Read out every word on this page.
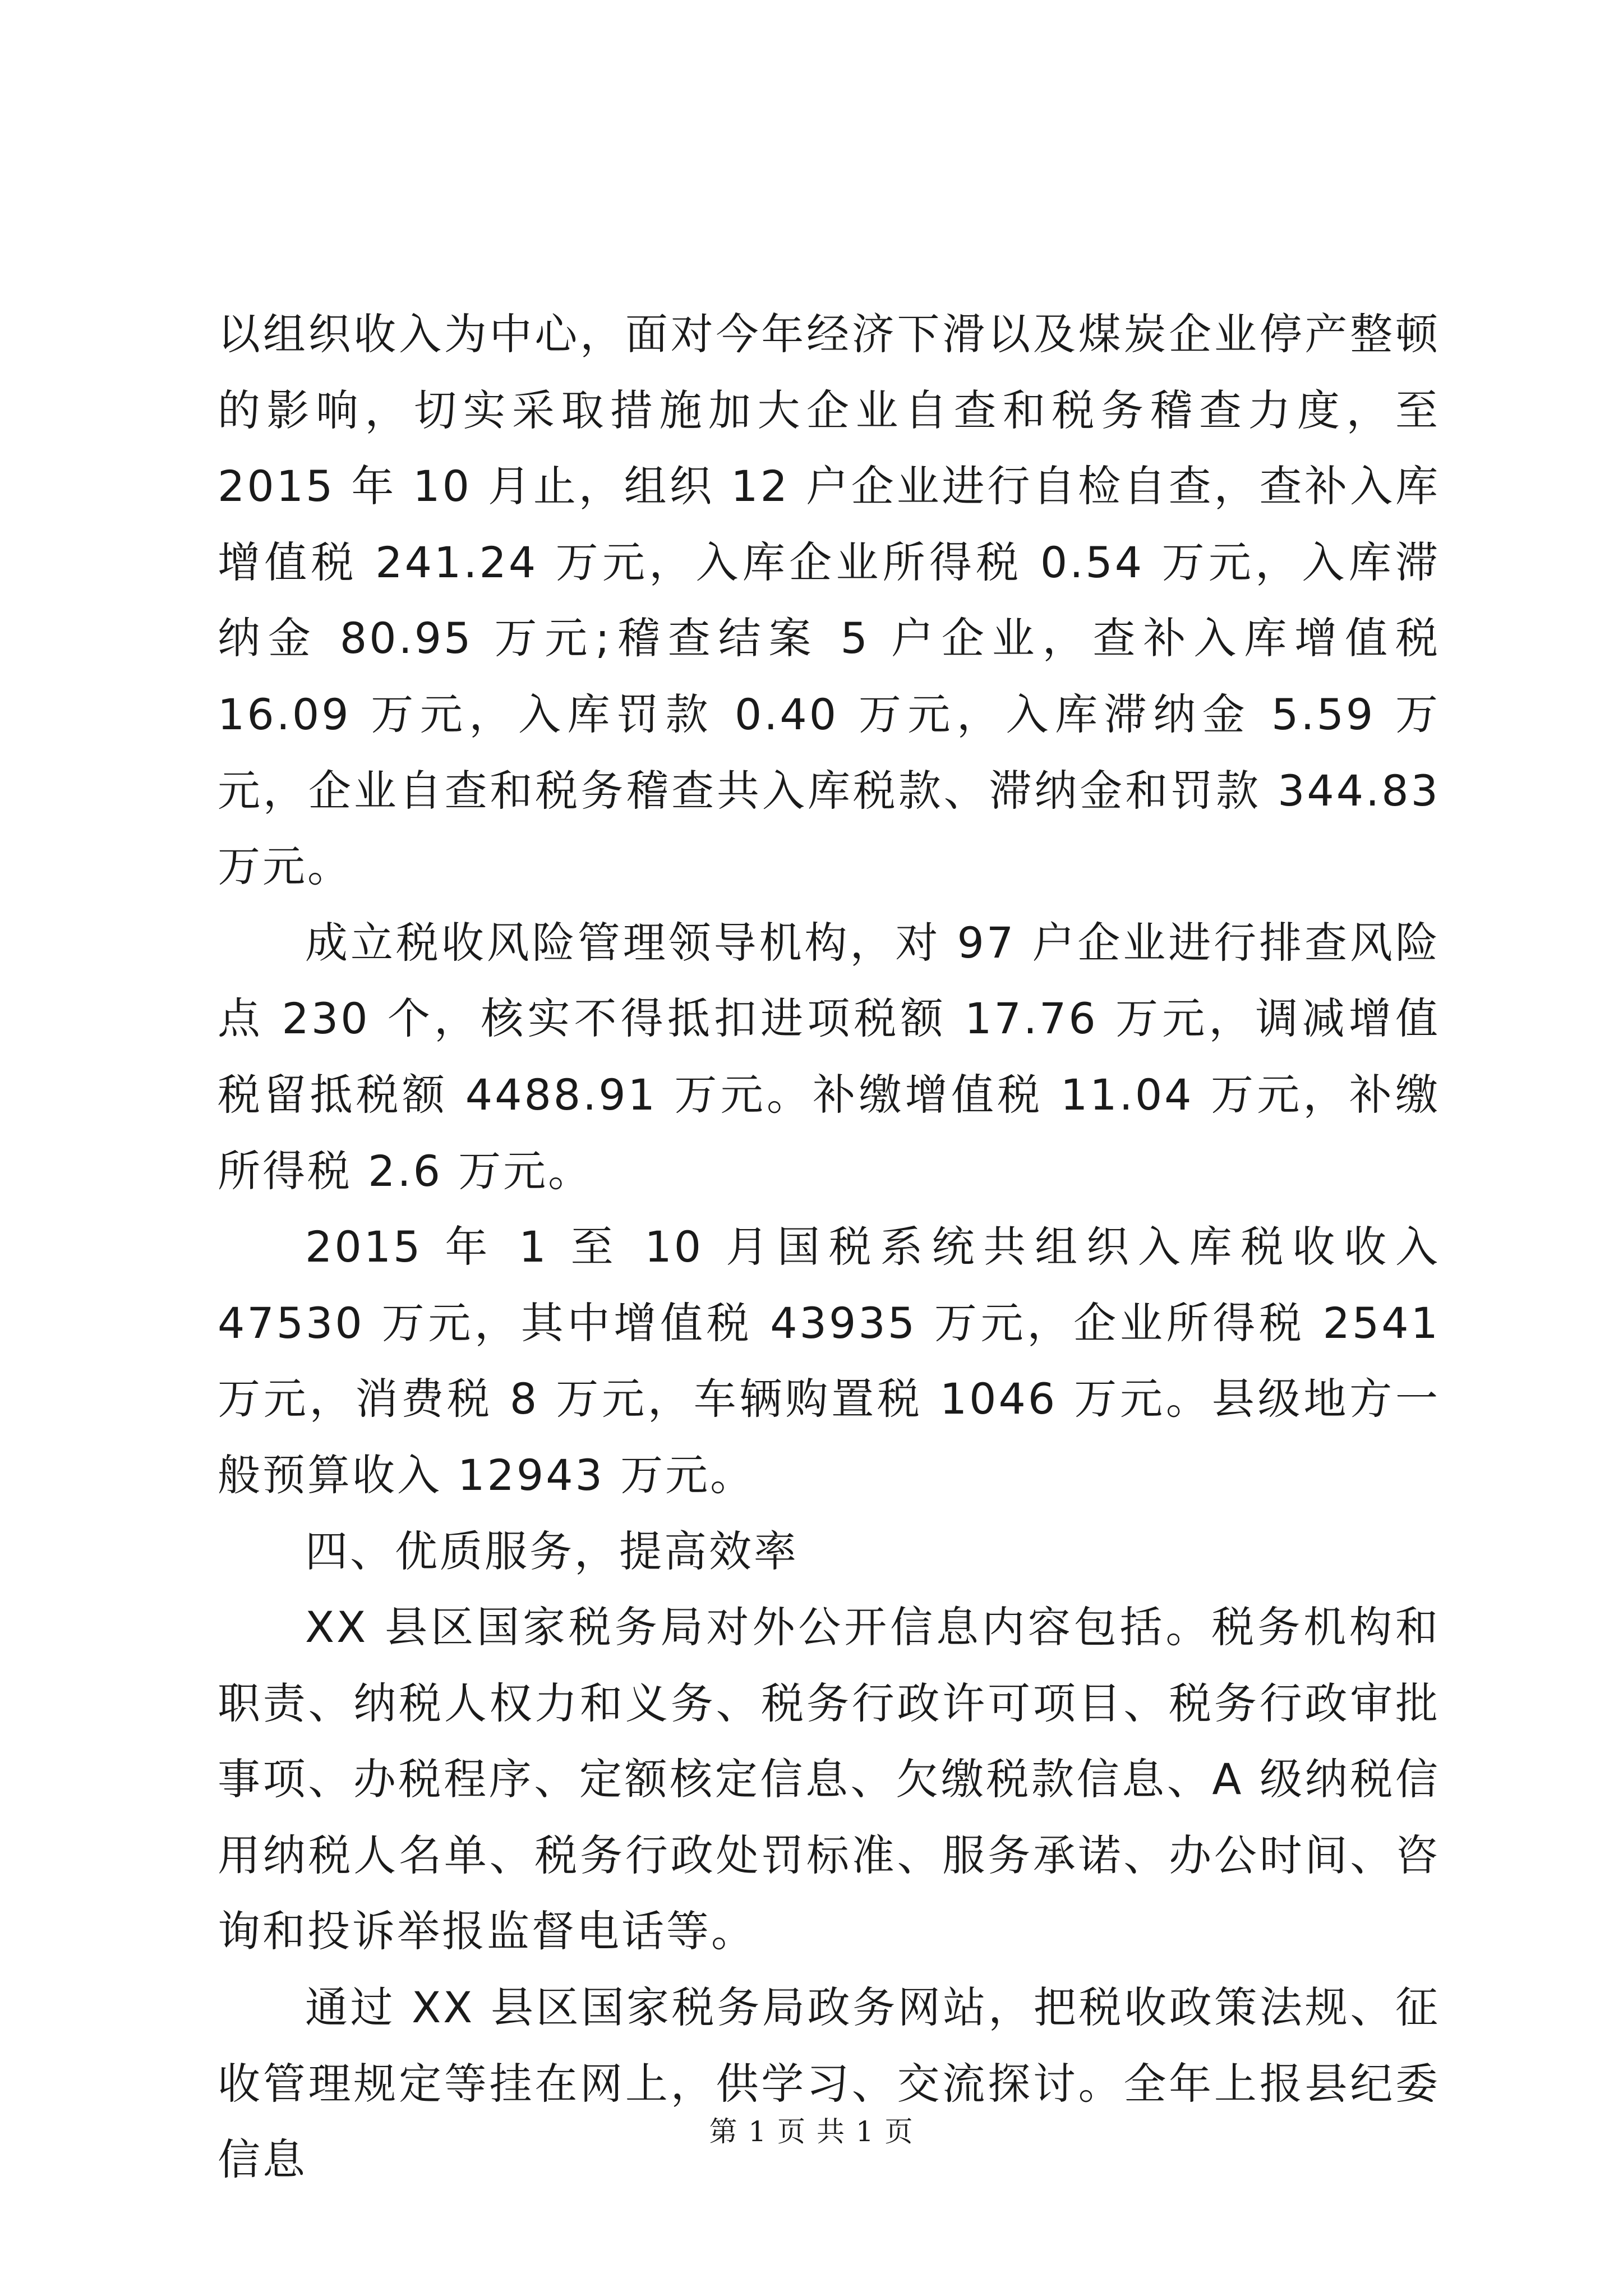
以组织收入为中心，面对今年经济下滑以及煤炭企业停产整顿的影响，切实采取措施加大企业自查和税务稽查力度，至 2015 年 10 月止，组织 12 户企业进行自检自查，查补入库增值税 241.24 万元，入库企业所得税 0.54 万元，入库滞纳金 80.95 万元;稽查结案 5 户企业，查补入库增值税 16.09 万元，入库罚款 0.40 万元，入库滞纳金 5.59 万元，企业自查和税务稽查共入库税款、滞纳金和罚款 344.83 万元。

成立税收风险管理领导机构，对 97 户企业进行排查风险点 230 个，核实不得抵扣进项税额 17.76 万元，调减增值税留抵税额 4488.91 万元。补缴增值税 11.04 万元，补缴所得税 2.6 万元。

2015 年 1 至 10 月国税系统共组织入库税收收入 47530 万元，其中增值税 43935 万元，企业所得税 2541 万元，消费税 8 万元，车辆购置税 1046 万元。县级地方一般预算收入 12943 万元。

四、优质服务，提高效率

XX 县区国家税务局对外公开信息内容包括。税务机构和职责、纳税人权力和义务、税务行政许可项目、税务行政审批事项、办税程序、定额核定信息、欠缴税款信息、A 级纳税信用纳税人名单、税务行政处罚标准、服务承诺、办公时间、咨询和投诉举报监督电话等。

通过 XX 县区国家税务局政务网站，把税收政策法规、征收管理规定等挂在网上，供学习、交流探讨。全年上报县纪委信息

第 1 页 共 1 页
